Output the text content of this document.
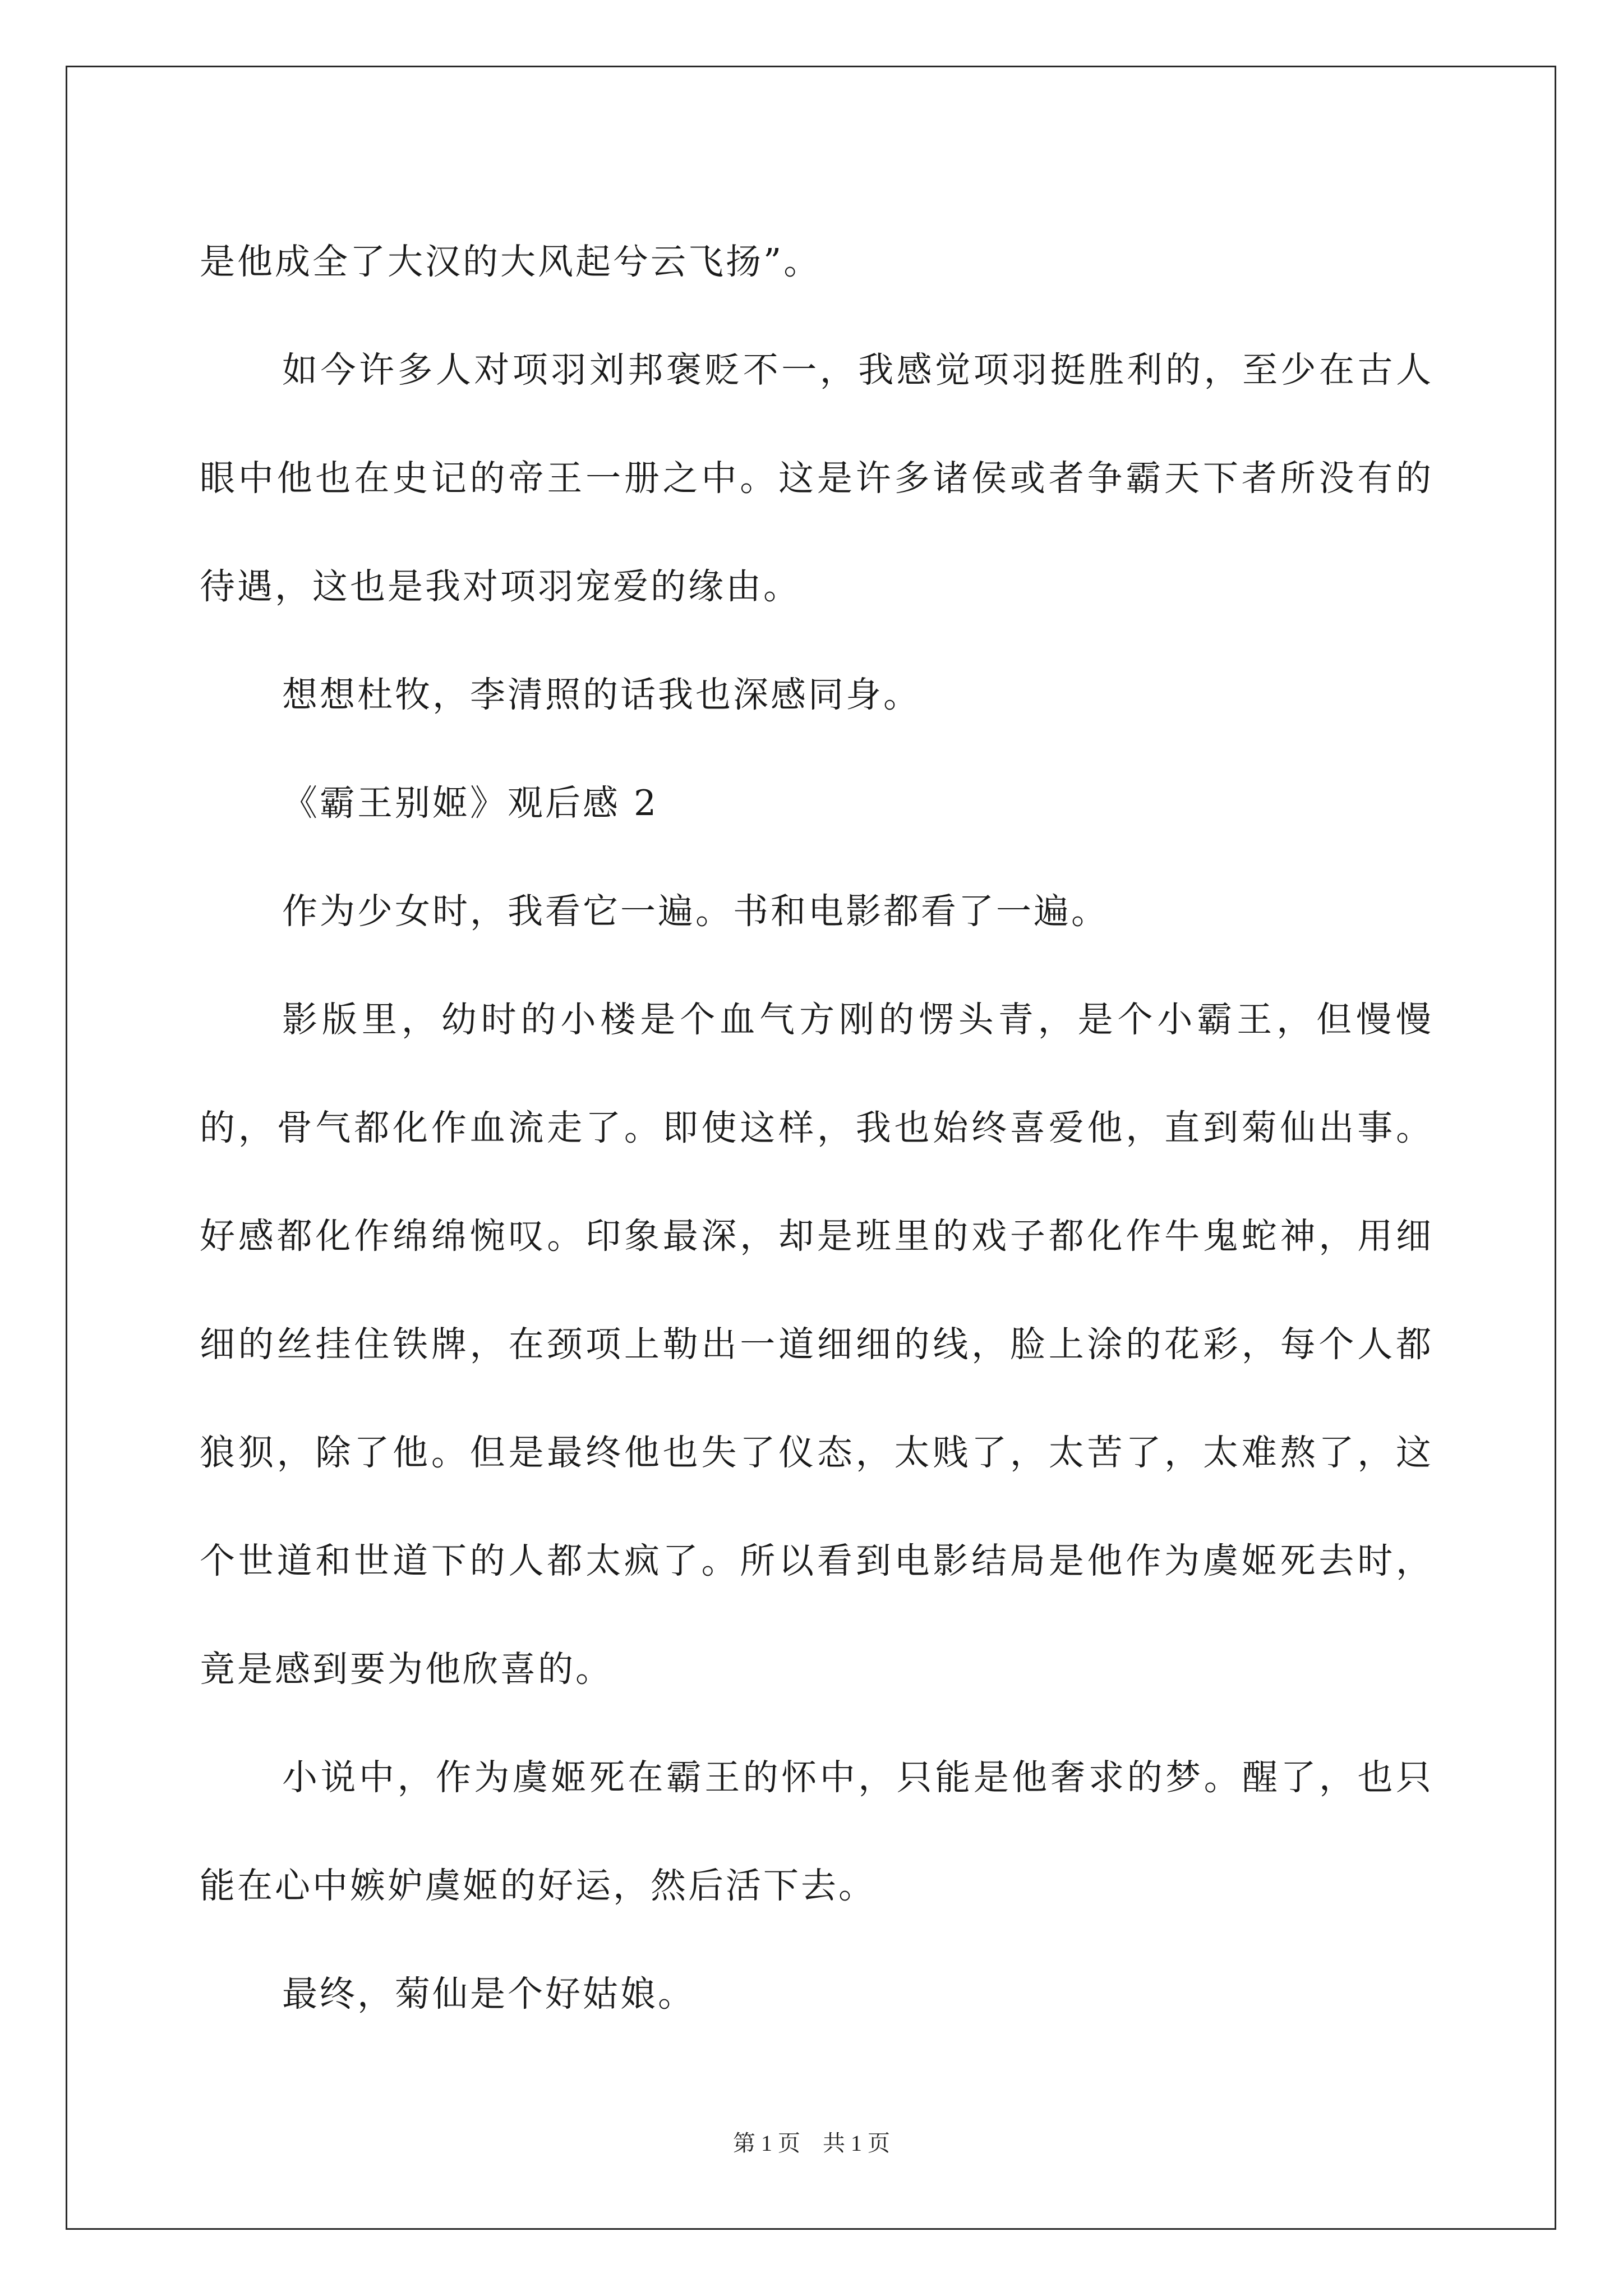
是他成全了大汉的大风起兮云飞扬”。

如今许多人对项羽刘邦褒贬不一，我感觉项羽挺胜利的，至少在古人眼中他也在史记的帝王一册之中。这是许多诸侯或者争霸天下者所没有的待遇，这也是我对项羽宠爱的缘由。

想想杜牧，李清照的话我也深感同身。

《霸王别姬》观后感 2

作为少女时，我看它一遍。书和电影都看了一遍。

影版里，幼时的小楼是个血气方刚的愣头青，是个小霸王，但慢慢的，骨气都化作血流走了。即使这样，我也始终喜爱他，直到菊仙出事。好感都化作绵绵惋叹。印象最深，却是班里的戏子都化作牛鬼蛇神，用细细的丝挂住铁牌，在颈项上勒出一道细细的线，脸上涂的花彩，每个人都狼狈，除了他。但是最终他也失了仪态，太贱了，太苦了，太难熬了，这个世道和世道下的人都太疯了。所以看到电影结局是他作为虞姬死去时，竟是感到要为他欣喜的。

小说中，作为虞姬死在霸王的怀中，只能是他奢求的梦。醒了，也只能在心中嫉妒虞姬的好运，然后活下去。

最终，菊仙是个好姑娘。

第 1 页 共 1 页
